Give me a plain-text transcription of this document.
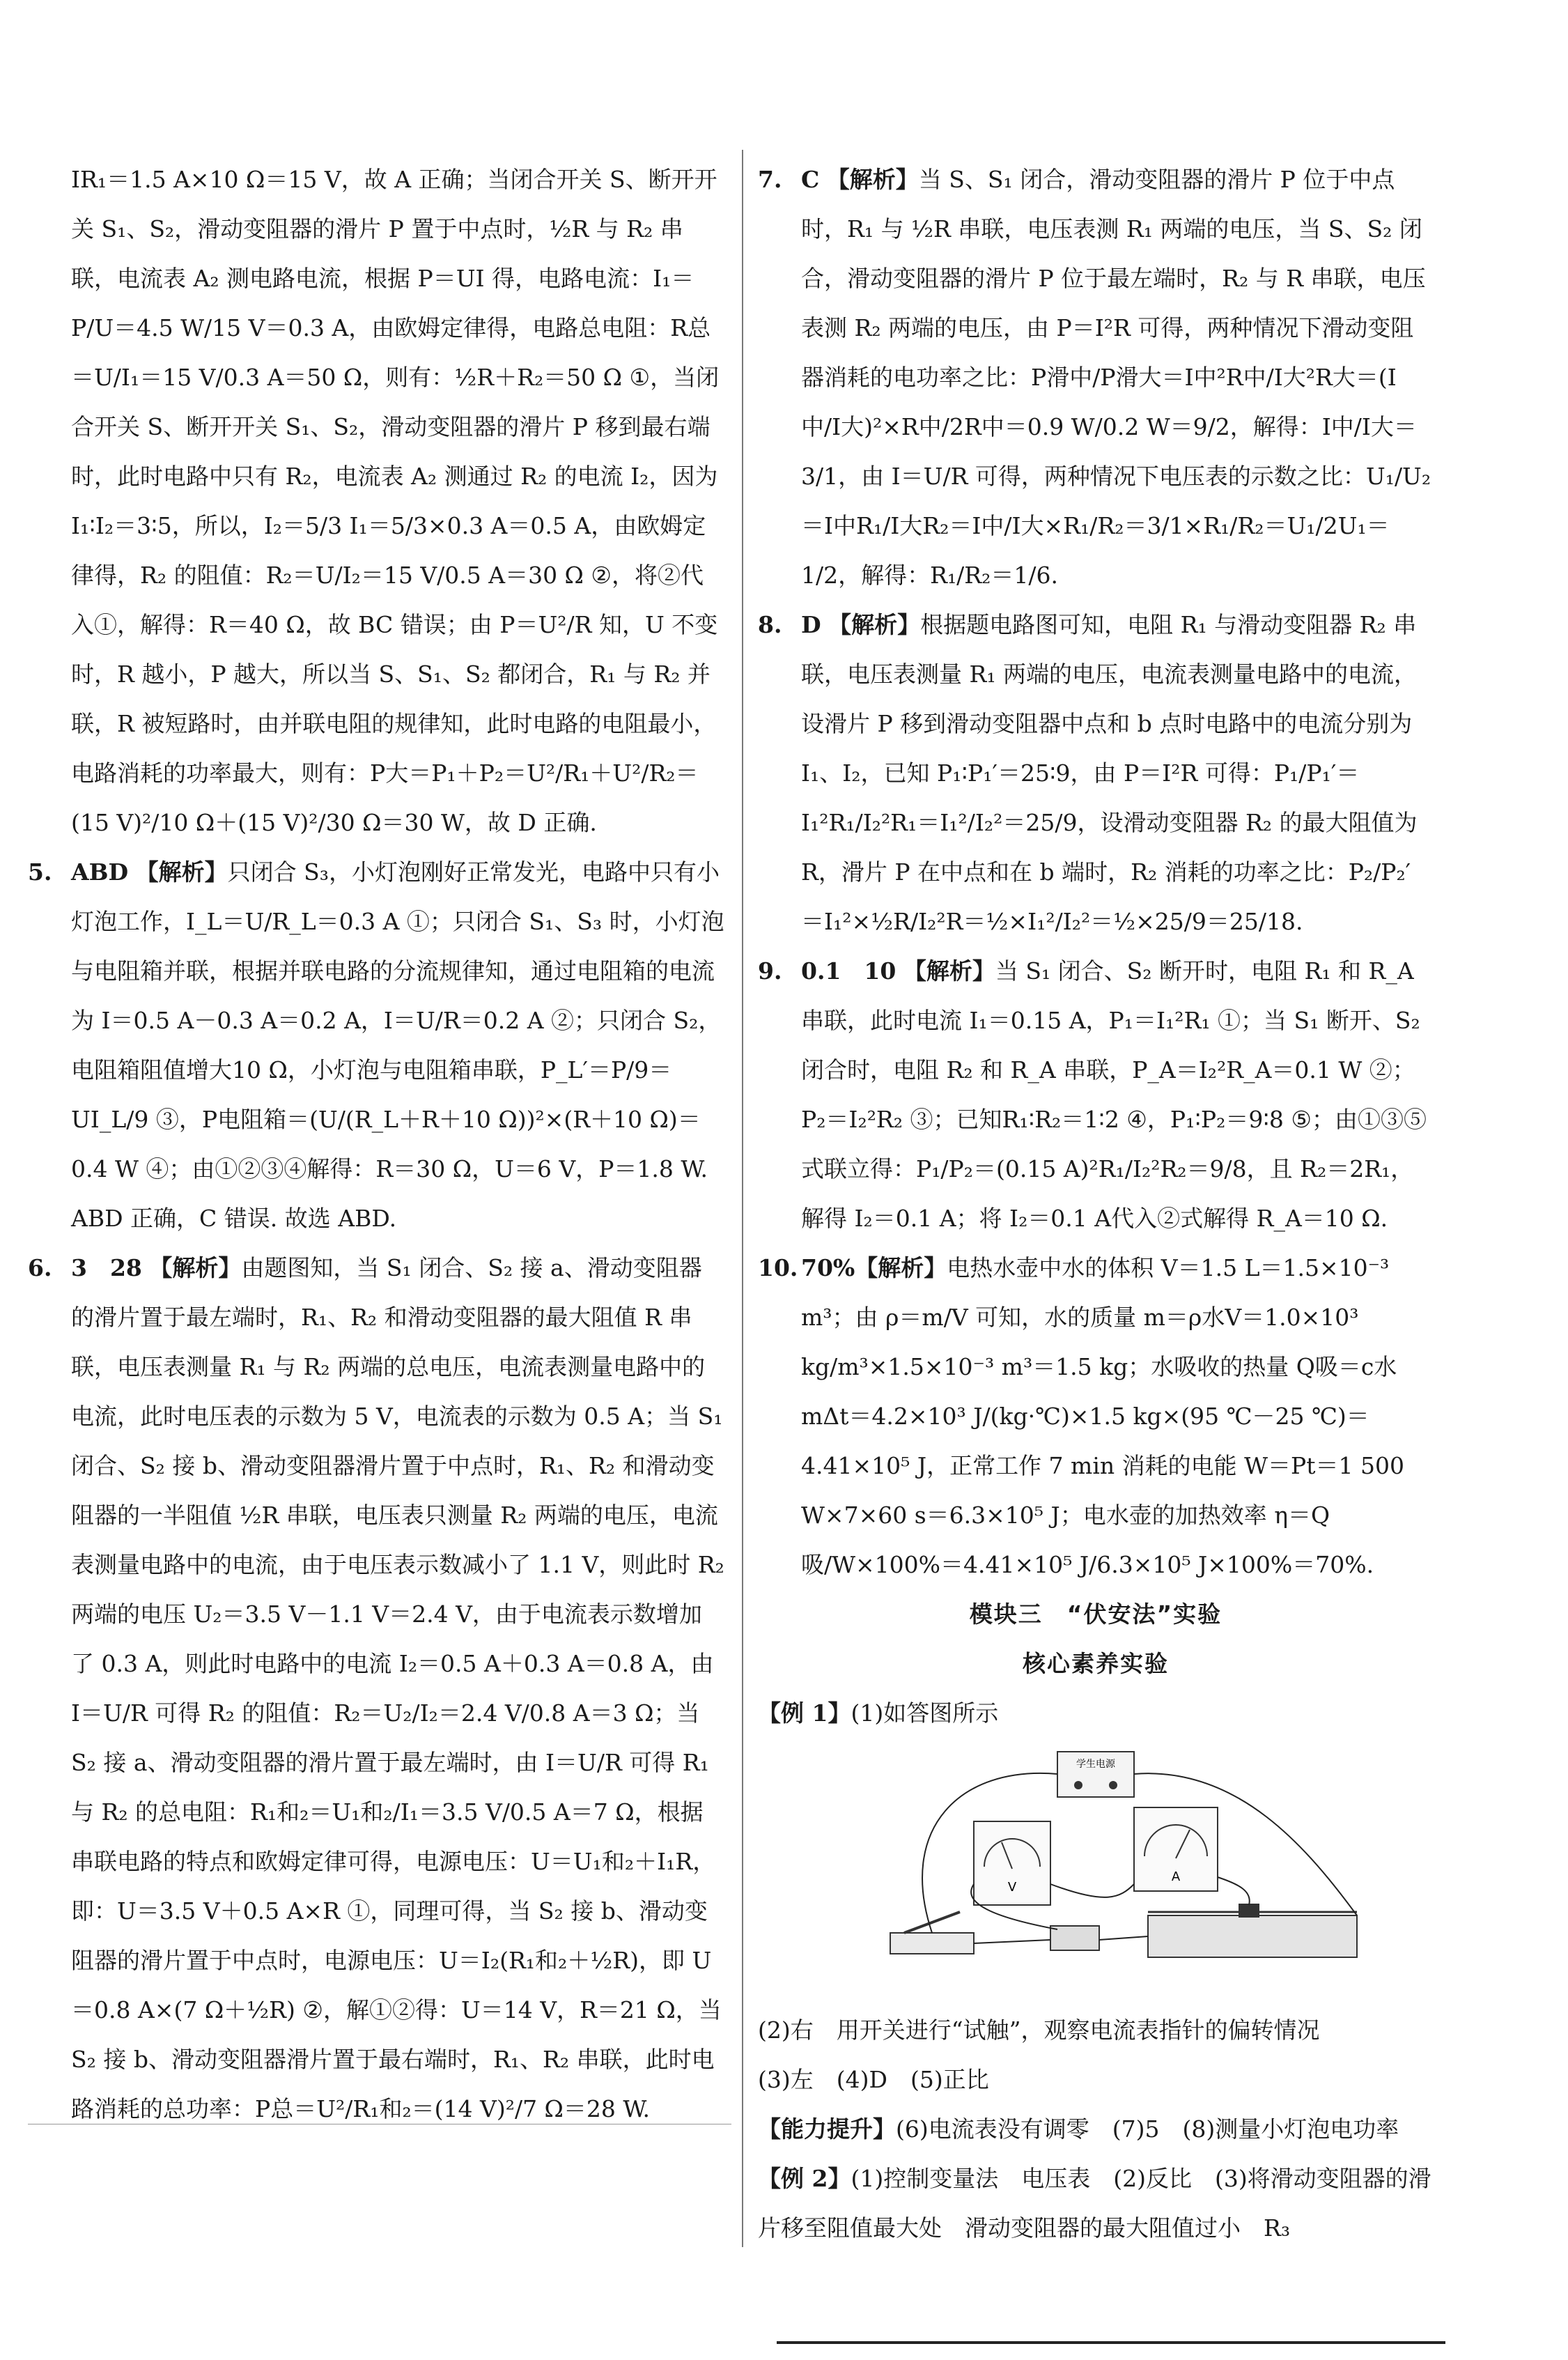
IR₁＝1.5 A×10 Ω＝15 V，故 A 正确；当闭合开关 S、断开开关 S₁、S₂，滑动变阻器的滑片 P 置于中点时，½R 与 R₂ 串联，电流表 A₂ 测电路电流，根据 P＝UI 得，电路电流：I₁＝P/U＝4.5 W/15 V＝0.3 A，由欧姆定律得，电路总电阻：R总＝U/I₁＝15 V/0.3 A＝50 Ω，则有：½R＋R₂＝50 Ω ①，当闭合开关 S、断开开关 S₁、S₂，滑动变阻器的滑片 P 移到最右端时，此时电路中只有 R₂，电流表 A₂ 测通过 R₂ 的电流 I₂，因为 I₁∶I₂＝3∶5，所以，I₂＝5/3 I₁＝5/3×0.3 A＝0.5 A，由欧姆定律得，R₂ 的阻值：R₂＝U/I₂＝15 V/0.5 A＝30 Ω ②，将②代入①，解得：R＝40 Ω，故 BC 错误；由 P＝U²/R 知，U 不变时，R 越小，P 越大，所以当 S、S₁、S₂ 都闭合，R₁ 与 R₂ 并联，R 被短路时，由并联电阻的规律知，此时电路的电阻最小，电路消耗的功率最大，则有：P大＝P₁＋P₂＝U²/R₁＋U²/R₂＝(15 V)²/10 Ω＋(15 V)²/30 Ω＝30 W，故 D 正确.
5. ABD 【解析】只闭合 S₃，小灯泡刚好正常发光，电路中只有小灯泡工作，I_L＝U/R_L＝0.3 A ①；只闭合 S₁、S₃ 时，小灯泡与电阻箱并联，根据并联电路的分流规律知，通过电阻箱的电流为 I＝0.5 A－0.3 A＝0.2 A，I＝U/R＝0.2 A ②；只闭合 S₂，电阻箱阻值增大10 Ω，小灯泡与电阻箱串联，P_L′＝P/9＝UI_L/9 ③，P电阻箱＝(U/(R_L＋R＋10 Ω))²×(R＋10 Ω)＝0.4 W ④；由①②③④解得：R＝30 Ω，U＝6 V，P＝1.8 W. ABD 正确，C 错误. 故选 ABD.
6. 3　28 【解析】由题图知，当 S₁ 闭合、S₂ 接 a、滑动变阻器的滑片置于最左端时，R₁、R₂ 和滑动变阻器的最大阻值 R 串联，电压表测量 R₁ 与 R₂ 两端的总电压，电流表测量电路中的电流，此时电压表的示数为 5 V，电流表的示数为 0.5 A；当 S₁ 闭合、S₂ 接 b、滑动变阻器滑片置于中点时，R₁、R₂ 和滑动变阻器的一半阻值 ½R 串联，电压表只测量 R₂ 两端的电压，电流表测量电路中的电流，由于电压表示数减小了 1.1 V，则此时 R₂ 两端的电压 U₂＝3.5 V－1.1 V＝2.4 V，由于电流表示数增加了 0.3 A，则此时电路中的电流 I₂＝0.5 A＋0.3 A＝0.8 A，由 I＝U/R 可得 R₂ 的阻值：R₂＝U₂/I₂＝2.4 V/0.8 A＝3 Ω；当 S₂ 接 a、滑动变阻器的滑片置于最左端时，由 I＝U/R 可得 R₁ 与 R₂ 的总电阻：R₁和₂＝U₁和₂/I₁＝3.5 V/0.5 A＝7 Ω，根据串联电路的特点和欧姆定律可得，电源电压：U＝U₁和₂＋I₁R，即：U＝3.5 V＋0.5 A×R ①，同理可得，当 S₂ 接 b、滑动变阻器的滑片置于中点时，电源电压：U＝I₂(R₁和₂＋½R)，即 U＝0.8 A×(7 Ω＋½R) ②，解①②得：U＝14 V，R＝21 Ω，当 S₂ 接 b、滑动变阻器滑片置于最右端时，R₁、R₂ 串联，此时电路消耗的总功率：P总＝U²/R₁和₂＝(14 V)²/7 Ω＝28 W.
7. C 【解析】当 S、S₁ 闭合，滑动变阻器的滑片 P 位于中点时，R₁ 与 ½R 串联，电压表测 R₁ 两端的电压，当 S、S₂ 闭合，滑动变阻器的滑片 P 位于最左端时，R₂ 与 R 串联，电压表测 R₂ 两端的电压，由 P＝I²R 可得，两种情况下滑动变阻器消耗的电功率之比：P滑中/P滑大＝I中²R中/I大²R大＝(I中/I大)²×R中/2R中＝0.9 W/0.2 W＝9/2，解得：I中/I大＝3/1，由 I＝U/R 可得，两种情况下电压表的示数之比：U₁/U₂＝I中R₁/I大R₂＝I中/I大×R₁/R₂＝3/1×R₁/R₂＝U₁/2U₁＝1/2，解得：R₁/R₂＝1/6.
8. D 【解析】根据题电路图可知，电阻 R₁ 与滑动变阻器 R₂ 串联，电压表测量 R₁ 两端的电压，电流表测量电路中的电流，设滑片 P 移到滑动变阻器中点和 b 点时电路中的电流分别为 I₁、I₂，已知 P₁∶P₁′＝25∶9，由 P＝I²R 可得：P₁/P₁′＝I₁²R₁/I₂²R₁＝I₁²/I₂²＝25/9，设滑动变阻器 R₂ 的最大阻值为 R，滑片 P 在中点和在 b 端时，R₂ 消耗的功率之比：P₂/P₂′＝I₁²×½R/I₂²R＝½×I₁²/I₂²＝½×25/9＝25/18.
9. 0.1　10 【解析】当 S₁ 闭合、S₂ 断开时，电阻 R₁ 和 R_A 串联，此时电流 I₁＝0.15 A，P₁＝I₁²R₁ ①；当 S₁ 断开、S₂ 闭合时，电阻 R₂ 和 R_A 串联，P_A＝I₂²R_A＝0.1 W ②；P₂＝I₂²R₂ ③；已知R₁∶R₂＝1∶2 ④，P₁∶P₂＝9∶8 ⑤；由①③⑤式联立得：P₁/P₂＝(0.15 A)²R₁/I₂²R₂＝9/8，且 R₂＝2R₁，解得 I₂＝0.1 A；将 I₂＝0.1 A代入②式解得 R_A＝10 Ω.
10. 70%【解析】电热水壶中水的体积 V＝1.5 L＝1.5×10⁻³ m³；由 ρ＝m/V 可知，水的质量 m＝ρ水V＝1.0×10³ kg/m³×1.5×10⁻³ m³＝1.5 kg；水吸收的热量 Q吸＝c水mΔt＝4.2×10³ J/(kg·℃)×1.5 kg×(95 ℃－25 ℃)＝4.41×10⁵ J，正常工作 7 min 消耗的电能 W＝Pt＝1 500 W×7×60 s＝6.3×10⁵ J；电水壶的加热效率 η＝Q吸/W×100%＝4.41×10⁵ J/6.3×10⁵ J×100%＝70%.
模块三　“伏安法”实验
核心素养实验
【例 1】(1)如答图所示
学生电源
V
A
(2)右　用开关进行“试触”，观察电流表指针的偏转情况
(3)左　(4)D　(5)正比
【能力提升】(6)电流表没有调零　(7)5　(8)测量小灯泡电功率
【例 2】(1)控制变量法　电压表　(2)反比　(3)将滑动变阻器的滑片移至阻值最大处　滑动变阻器的最大阻值过小　R₃
